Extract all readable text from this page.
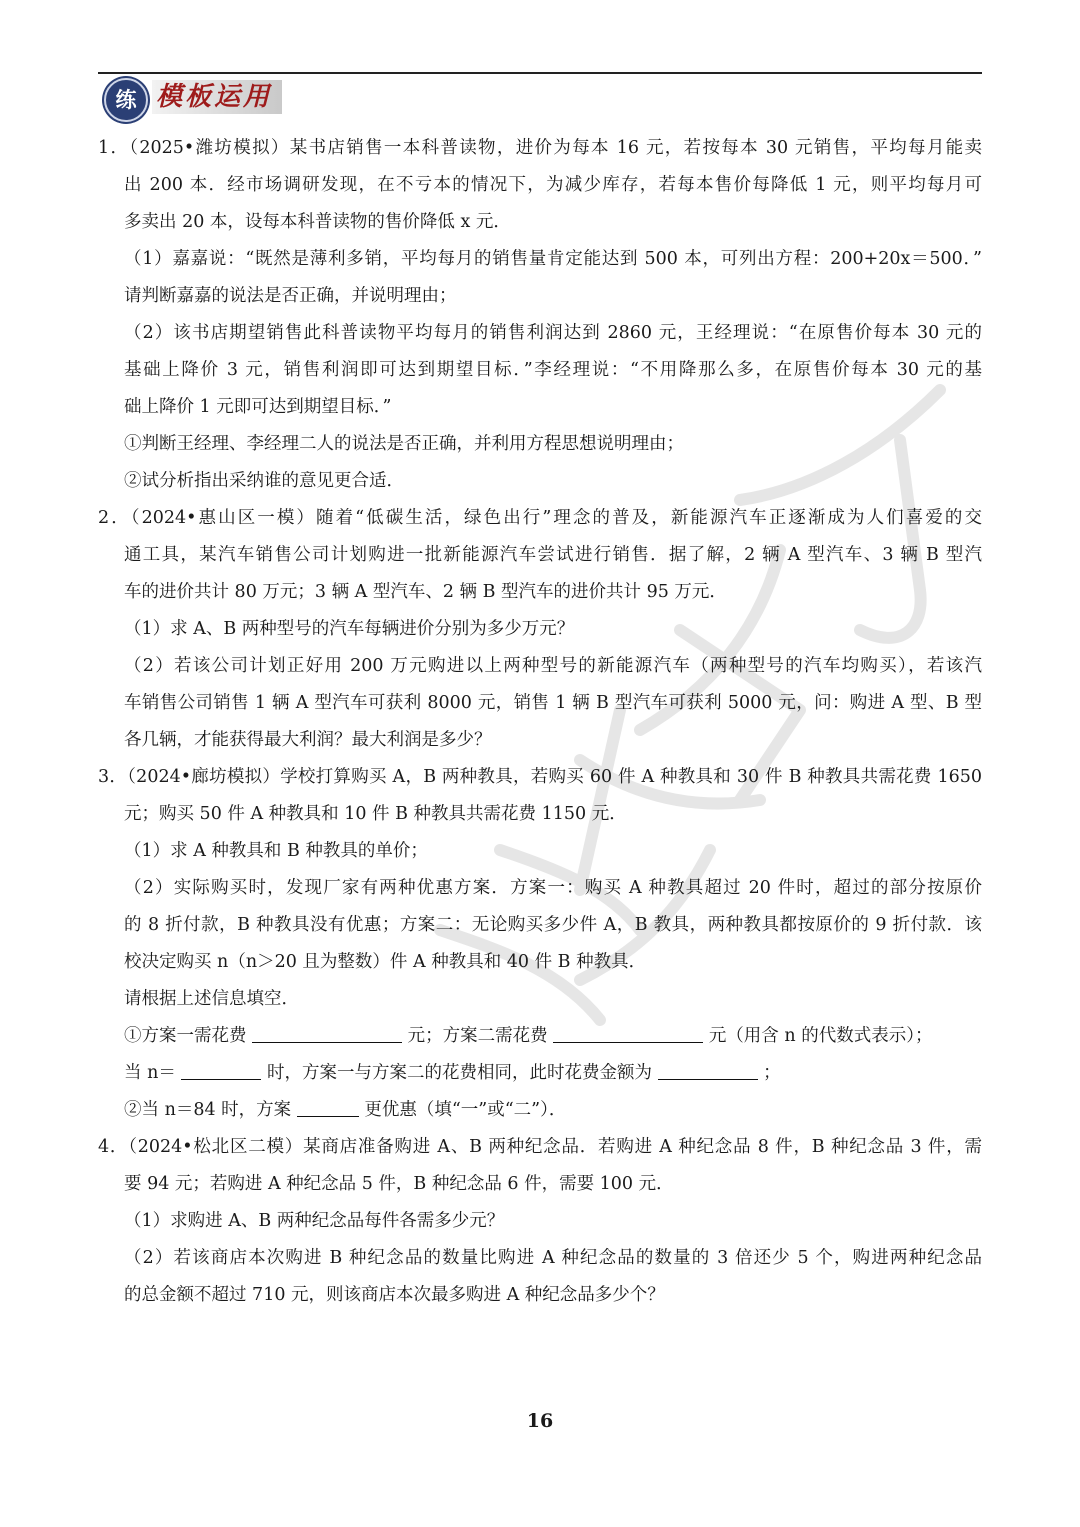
练 模板运用
1．（2025•潍坊模拟）某书店销售一本科普读物，进价为每本 16 元，若按每本 30 元销售，平均每月能卖
出 200 本．经市场调研发现，在不亏本的情况下，为减少库存，若每本售价每降低 1 元，则平均每月可
多卖出 20 本，设每本科普读物的售价降低 x 元．
（1）嘉嘉说：“既然是薄利多销，平均每月的销售量肯定能达到 500 本，可列出方程：200+20x＝500．”
请判断嘉嘉的说法是否正确，并说明理由；
（2）该书店期望销售此科普读物平均每月的销售利润达到 2860 元，王经理说：“在原售价每本 30 元的
基础上降价 3 元，销售利润即可达到期望目标．”李经理说：“不用降那么多，在原售价每本 30 元的基
础上降价 1 元即可达到期望目标．”
①判断王经理、李经理二人的说法是否正确，并利用方程思想说明理由；
②试分析指出采纳谁的意见更合适．
2．（2024•惠山区一模）随着“低碳生活，绿色出行”理念的普及，新能源汽车正逐渐成为人们喜爱的交
通工具，某汽车销售公司计划购进一批新能源汽车尝试进行销售．据了解，2 辆 A 型汽车、3 辆 B 型汽
车的进价共计 80 万元；3 辆 A 型汽车、2 辆 B 型汽车的进价共计 95 万元．
（1）求 A、B 两种型号的汽车每辆进价分别为多少万元？
（2）若该公司计划正好用 200 万元购进以上两种型号的新能源汽车（两种型号的汽车均购买），若该汽
车销售公司销售 1 辆 A 型汽车可获利 8000 元，销售 1 辆 B 型汽车可获利 5000 元，问：购进 A 型、B 型
各几辆，才能获得最大利润？最大利润是多少？
3．（2024•廊坊模拟）学校打算购买 A，B 两种教具，若购买 60 件 A 种教具和 30 件 B 种教具共需花费 1650
元；购买 50 件 A 种教具和 10 件 B 种教具共需花费 1150 元．
（1）求 A 种教具和 B 种教具的单价；
（2）实际购买时，发现厂家有两种优惠方案．方案一：购买 A 种教具超过 20 件时，超过的部分按原价
的 8 折付款，B 种教具没有优惠；方案二：无论购买多少件 A，B 教具，两种教具都按原价的 9 折付款．该
校决定购买 n（n＞20 且为整数）件 A 种教具和 40 件 B 种教具．
请根据上述信息填空．
①方案一需花费	元；方案二需花费	元（用含 n 的代数式表示）；
当 n＝	时，方案一与方案二的花费相同，此时花费金额为	；
②当 n＝84 时，方案	更优惠（填“一”或“二”）．
4．（2024•松北区二模）某商店准备购进 A、B 两种纪念品．若购进 A 种纪念品 8 件，B 种纪念品 3 件，需
要 94 元；若购进 A 种纪念品 5 件，B 种纪念品 6 件，需要 100 元．
（1）求购进 A、B 两种纪念品每件各需多少元？
（2）若该商店本次购进 B 种纪念品的数量比购进 A 种纪念品的数量的 3 倍还少 5 个，购进两种纪念品
的总金额不超过 710 元，则该商店本次最多购进 A 种纪念品多少个？
16
